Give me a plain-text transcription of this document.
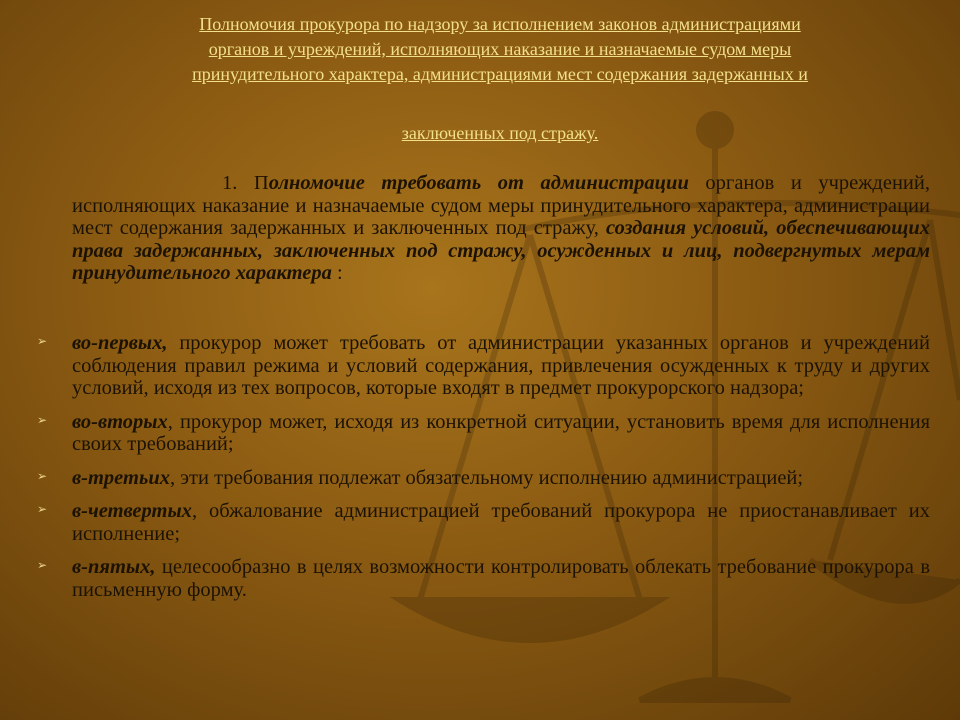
Полномочия прокурора по надзору за исполнением законов администрациями
органов и учреждений, исполняющих наказание и назначаемые судом меры
принудительного характера, администрациями мест содержания задержанных и
заключенных под стражу.
1. Полномочие требовать от администрации органов и учреждений, исполняющих наказание и назначаемые судом меры принудительного характера, администрации мест содержания задержанных и заключенных под стражу, создания условий, обеспечивающих права задержанных, заключенных под стражу, осужденных и лиц, подвергнутых мерам принудительного характера :
➢ во-первых, прокурор может требовать от администрации указанных органов и учреждений соблюдения правил режима и условий содержания, привлечения осужденных к труду и других условий, исходя из тех вопросов, которые входят в предмет прокурорского надзора;
➢ во-вторых, прокурор может, исходя из конкретной ситуации, установить время для исполнения своих требований;
➢ в-третьих, эти требования подлежат обязательному исполнению администрацией;
➢ в-четвертых, обжалование администрацией требований прокурора не приостанавливает их исполнение;
➢ в-пятых, целесообразно в целях возможности контролировать облекать требование прокурора в письменную форму.
